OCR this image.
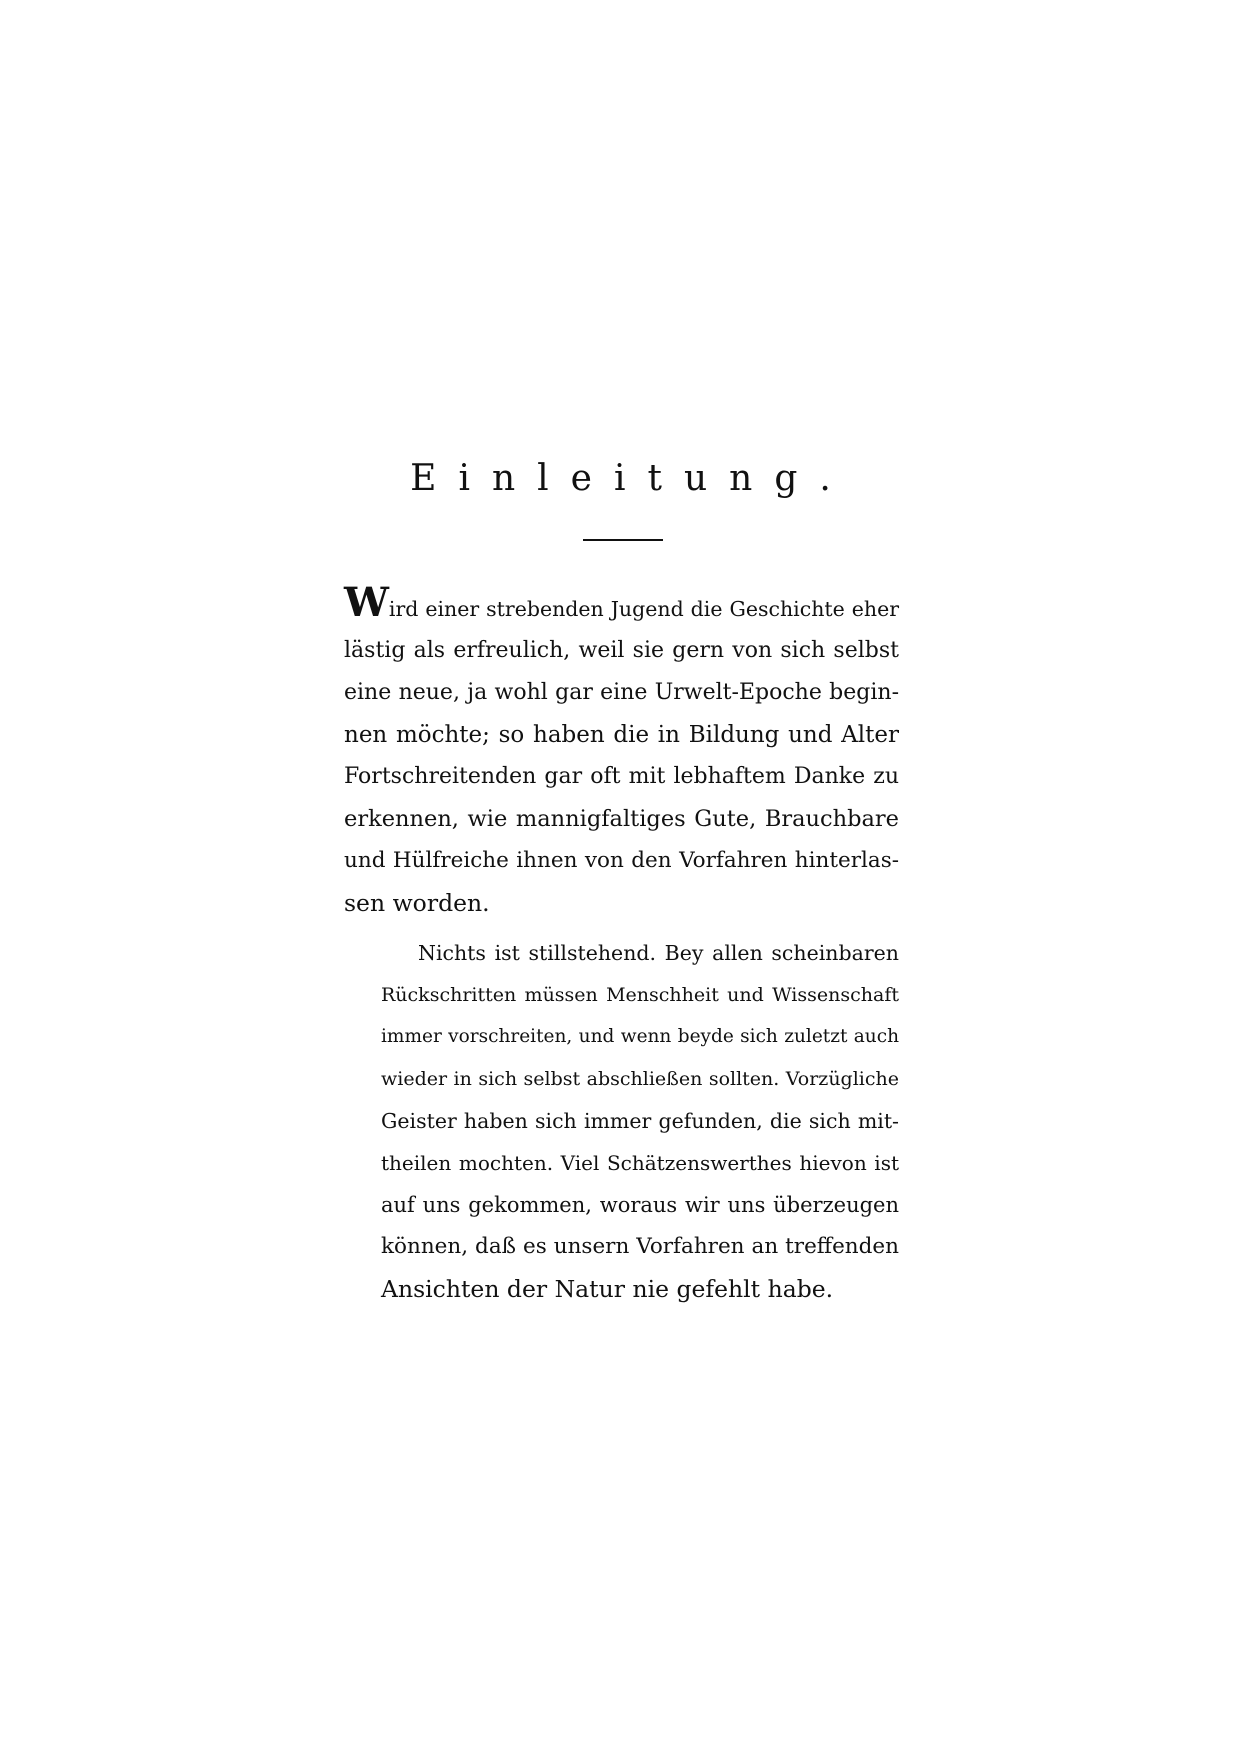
Einleitung.
Wird einer strebenden Jugend die Geschichte eher
lästig als erfreulich, weil sie gern von sich selbst
eine neue, ja wohl gar eine Urwelt-Epoche begin-
nen möchte; so haben die in Bildung und Alter
Fortschreitenden gar oft mit lebhaftem Danke zu
erkennen, wie mannigfaltiges Gute, Brauchbare
und Hülfreiche ihnen von den Vorfahren hinterlas-
sen worden.
Nichts ist stillstehend. Bey allen scheinbaren
Rückschritten müssen Menschheit und Wissenschaft
immer vorschreiten, und wenn beyde sich zuletzt auch
wieder in sich selbst abschließen sollten. Vorzügliche
Geister haben sich immer gefunden, die sich mit-
theilen mochten. Viel Schätzenswerthes hievon ist
auf uns gekommen, woraus wir uns überzeugen
können, daß es unsern Vorfahren an treffenden
Ansichten der Natur nie gefehlt habe.
